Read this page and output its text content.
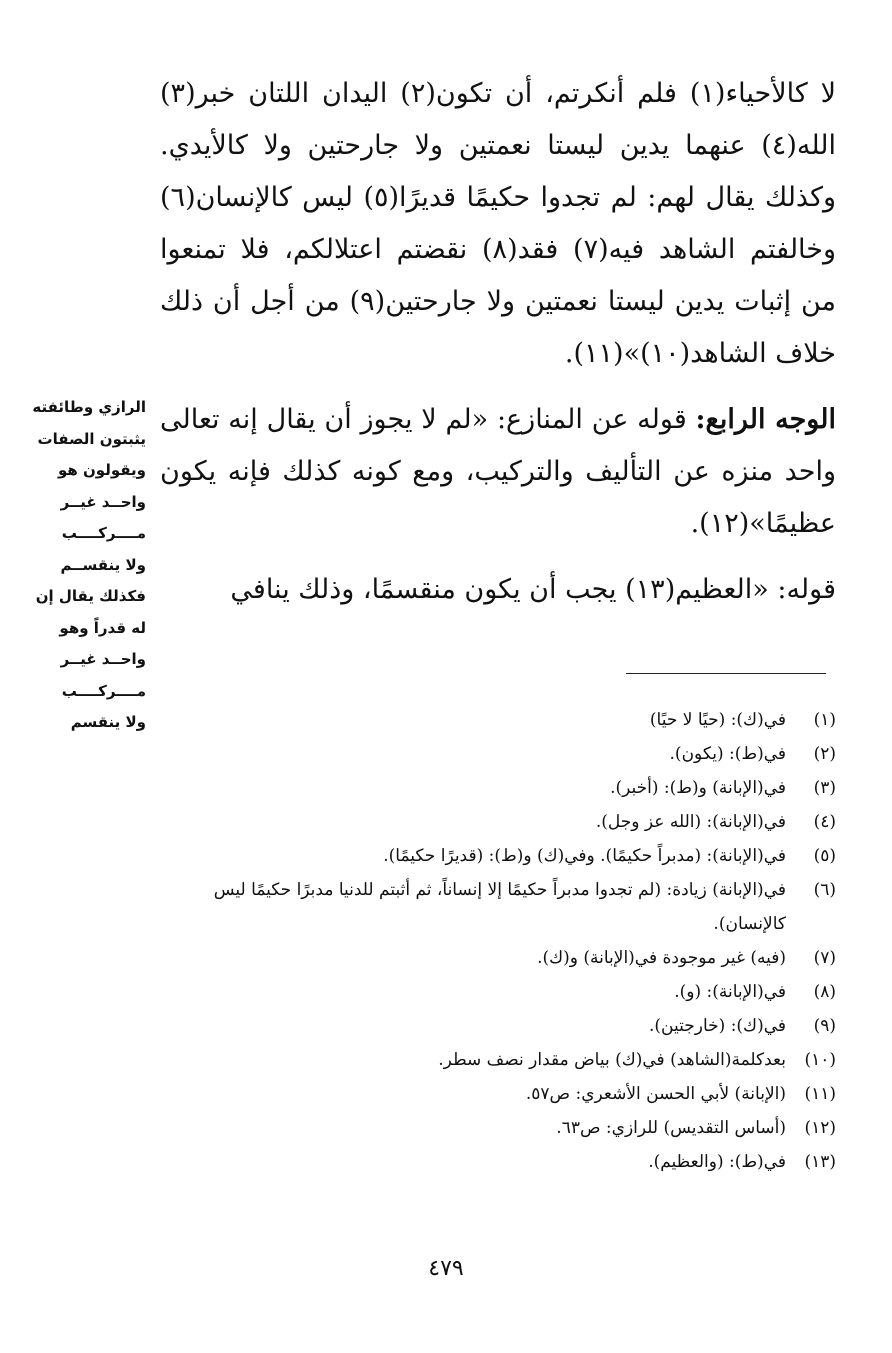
لا كالأحياء(١) فلم أنكرتم، أن تكون(٢) اليدان اللتان خبر(٣) الله(٤) عنهما يدين ليستا نعمتين ولا جارحتين ولا كالأيدي. وكذلك يقال لهم: لم تجدوا حكيمًا قديرًا(٥) ليس كالإنسان(٦) وخالفتم الشاهد فيه(٧) فقد(٨) نقضتم اعتلالكم، فلا تمنعوا من إثبات يدين ليستا نعمتين ولا جارحتين(٩) من أجل أن ذلك خلاف الشاهد(١٠)»(١١).

الوجه الرابع: قوله عن المنازع: «لم لا يجوز أن يقال إنه تعالى واحد منزه عن التأليف والتركيب، ومع كونه كذلك فإنه يكون عظيمًا»(١٢).

قوله: «العظيم(١٣) يجب أن يكون منقسمًا، وذلك ينافي

الرازي وطائفته
يثبتون الصفات
ويقولون هو
واحــد غيــر
مــــركــــب
ولا ينقســم
فكذلك يقال إن
له قدراً وهو
واحــد غيــر
مــــركــــب
ولا ينقسم	(١)
في(ك): (حيًا لا حيًا)
(٢)
في(ط): (يكون).
(٣)
في(الإبانة) و(ط): (أخبر).
(٤)
في(الإبانة): (الله عز وجل).
(٥)
في(الإبانة): (مدبراً حكيمًا). وفي(ك) و(ط): (قديرًا حكيمًا).
(٦)
في(الإبانة) زيادة: (لم تجدوا مدبراً حكيمًا إلا إنساناً، ثم أثبتم للدنيا مدبرًا حكيمًا ليس كالإنسان).
(٧)
(فيه) غير موجودة في(الإبانة) و(ك).
(٨)
في(الإبانة): (و).
(٩)
في(ك): (خارجتين).
(١٠)
بعدكلمة(الشاهد) في(ك) بياض مقدار نصف سطر.
(١١)
(الإبانة) لأبي الحسن الأشعري: ص٥٧.
(١٢)
(أساس التقديس) للرازي: ص٦٣.
(١٣)
في(ط): (والعظيم).
٤٧٩
